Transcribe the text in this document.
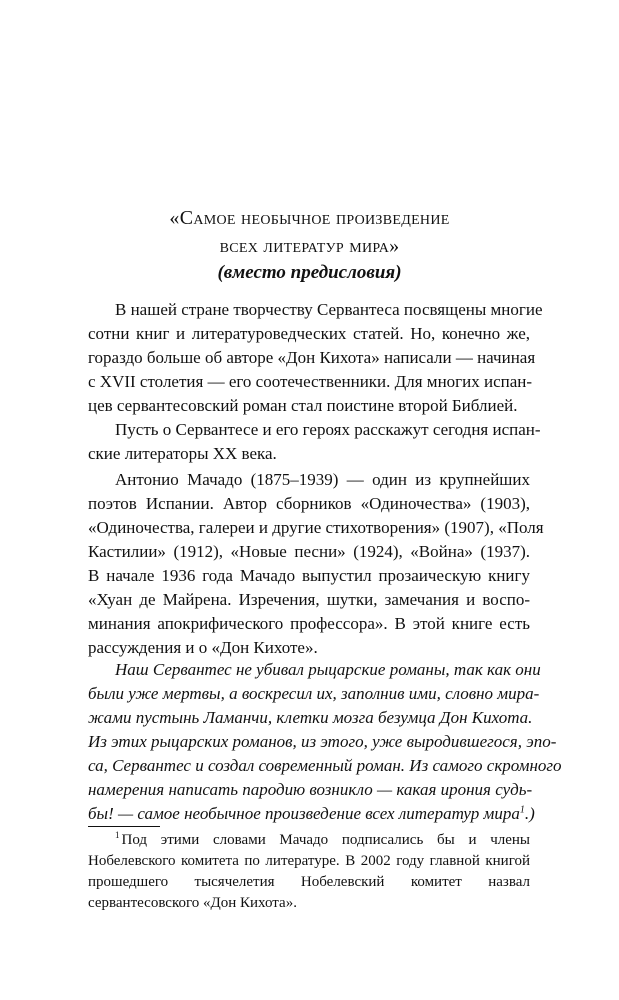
«Самое необычное произведение
всех литератур мира»
(вместо предисловия)

В нашей стране творчеству Сервантеса посвящены многие
сотни книг и литературоведческих статей. Но, конечно же,
гораздо больше об авторе «Дон Кихота» написали — начиная
с XVII столетия — его соотечественники. Для многих испан-
цев сервантесовский роман стал поистине второй Библией.

Пусть о Сервантесе и его героях расскажут сегодня испан-
ские литераторы XX века.

Антонио Мачадо (1875–1939) — один из крупнейших
поэтов Испании. Автор сборников «Одиночества» (1903),
«Одиночества, галереи и другие стихотворения» (1907), «Поля
Кастилии» (1912), «Новые песни» (1924), «Война» (1937).
В начале 1936 года Мачадо выпустил прозаическую книгу
«Хуан де Майрена. Изречения, шутки, замечания и воспо-
минания апокрифического профессора». В этой книге есть
рассуждения и о «Дон Кихоте».

Наш Сервантес не убивал рыцарские романы, так как они
были уже мертвы, а воскресил их, заполнив ими, словно мира-
жами пустынь Ламанчи, клетки мозга безумца Дон Кихота.
Из этих рыцарских романов, из этого, уже выродившегося, эпо-
са, Сервантес и создал современный роман. Из самого скромного
намерения написать пародию возникло — какая ирония судь-
бы! — самое необычное произведение всех литератур мира$^1$.)

$^1$ Под этими словами Мачадо подписались бы и члены Нобелевского комитета по литературе. В 2002 году главной книгой прошедшего тысячелетия Нобелевский комитет назвал сервантесовского «Дон Кихота».
